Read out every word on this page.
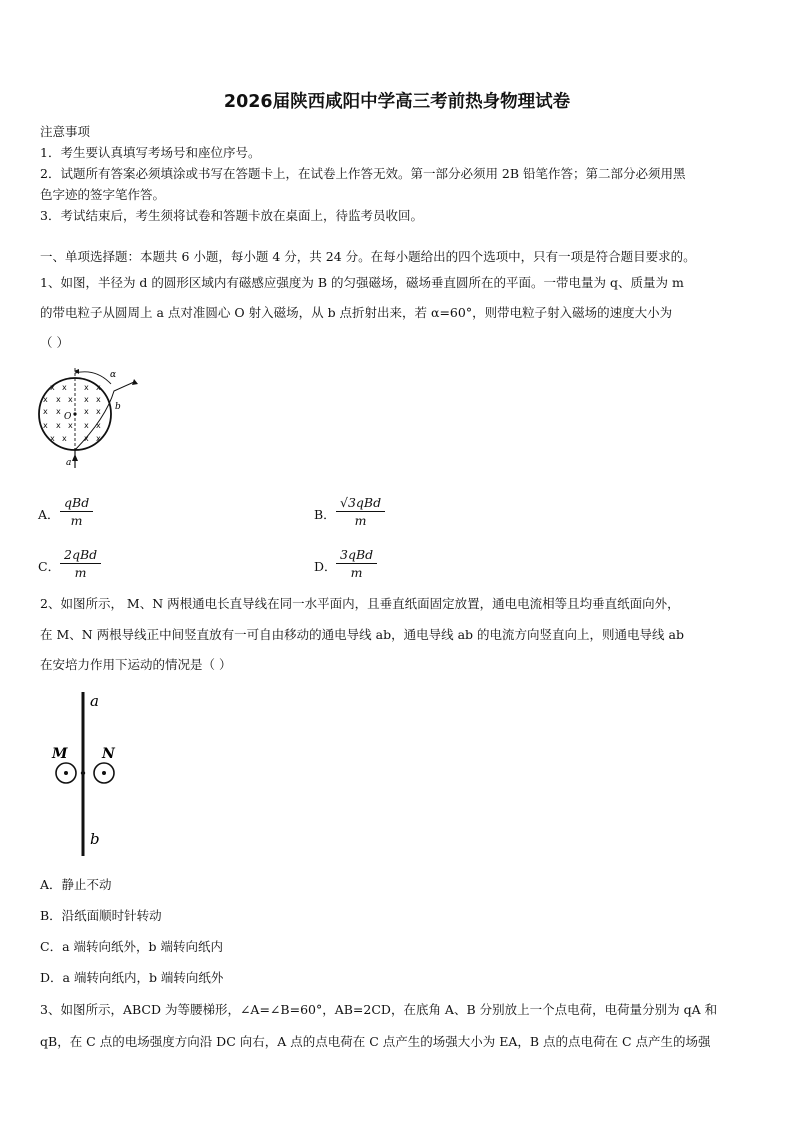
2026届陕西咸阳中学高三考前热身物理试卷
注意事项
1．考生要认真填写考场号和座位序号。
2．试题所有答案必须填涂或书写在答题卡上，在试卷上作答无效。第一部分必须用 2B 铅笔作答；第二部分必须用黑
色字迹的签字笔作答。
3．考试结束后，考生须将试卷和答题卡放在桌面上，待监考员收回。
一、单项选择题：本题共 6 小题，每小题 4 分，共 24 分。在每小题给出的四个选项中，只有一项是符合题目要求的。
1、如图，半径为 d 的圆形区域内有磁感应强度为 B 的匀强磁场，磁场垂直圆所在的平面。一带电量为 q、质量为 m
的带电粒子从圆周上 a 点对准圆心 O 射入磁场，从 b 点折射出来，若 α=60°，则带电粒子射入磁场的速度大小为
（ ）
x x x x
x x x x x
x x	x x
x x x x x
x x x x
O
α
b
a
A．
qBd
m	B．
√3qBd
m
C．
2qBd
m	D．
3qBd
m
2、如图所示， M、N 两根通电长直导线在同一水平面内，且垂直纸面固定放置，通电电流相等且均垂直纸面向外，
在 M、N 两根导线正中间竖直放有一可自由移动的通电导线 ab，通电导线 ab 的电流方向竖直向上，则通电导线 ab
在安培力作用下运动的情况是（ ）
a
b
M N
A．静止不动
B．沿纸面顺时针转动
C．a 端转向纸外，b 端转向纸内
D．a 端转向纸内，b 端转向纸外
3、如图所示，ABCD 为等腰梯形，∠A=∠B=60°，AB=2CD，在底角 A、B 分别放上一个点电荷，电荷量分别为 qA 和
qB，在 C 点的电场强度方向沿 DC 向右，A 点的点电荷在 C 点产生的场强大小为 EA，B 点的点电荷在 C 点产生的场强
